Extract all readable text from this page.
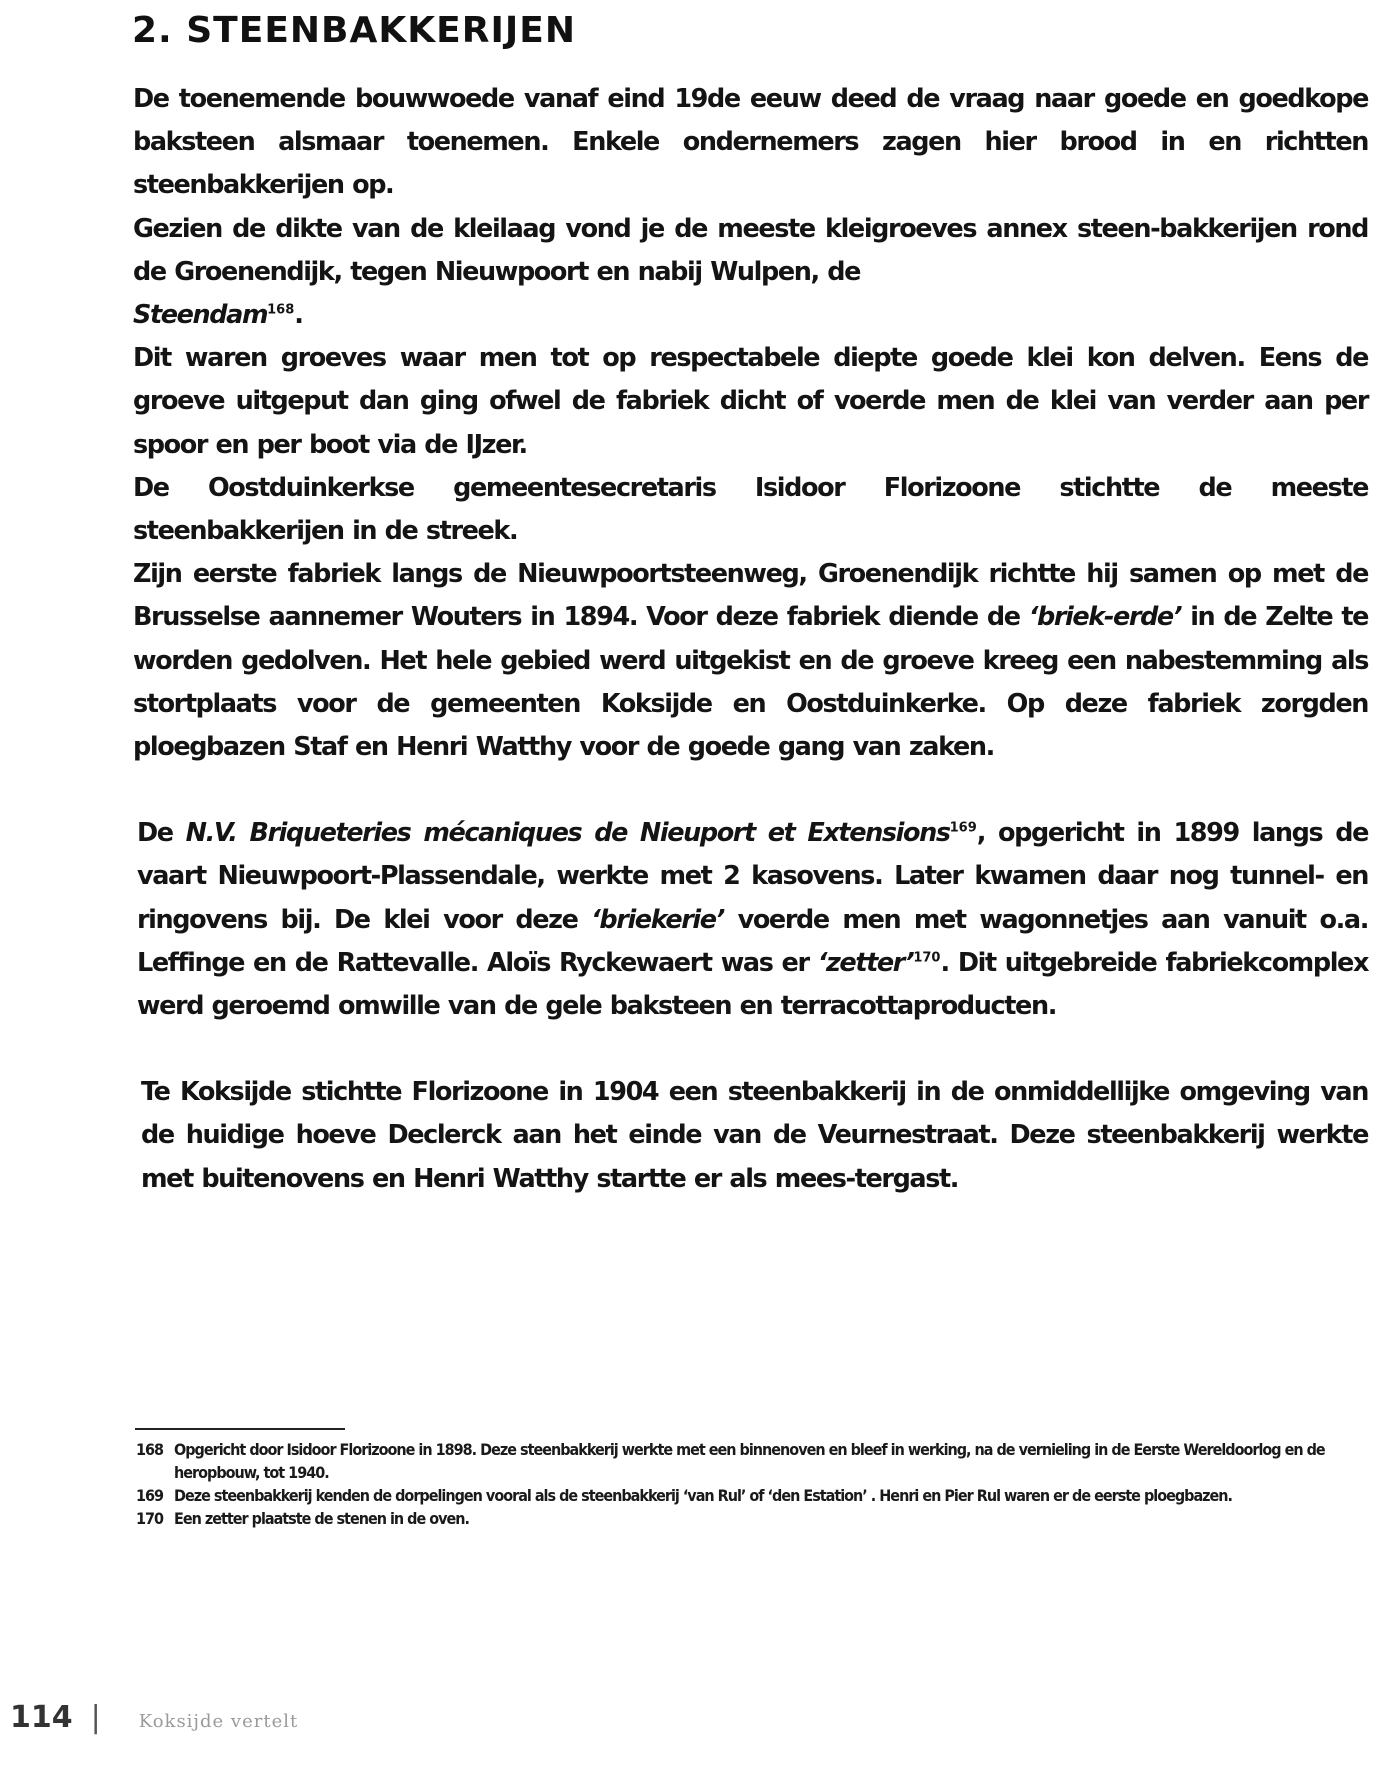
2. STEENBAKKERIJEN

De toenemende bouwwoede vanaf eind 19de eeuw deed de vraag naar goede en goedkope baksteen alsmaar toenemen. Enkele ondernemers zagen hier brood in en richtten steenbakkerijen op.

Gezien de dikte van de kleilaag vond je de meeste kleigroeves annex steen-bakkerijen rond de Groenendijk, tegen Nieuwpoort en nabij Wulpen, de
Steendam$^{168}$.

Dit waren groeves waar men tot op respectabele diepte goede klei kon delven. Eens de groeve uitgeput dan ging ofwel de fabriek dicht of voerde men de klei van verder aan per spoor en per boot via de IJzer.

De Oostduinkerkse gemeentesecretaris Isidoor Florizoone stichtte de meeste steenbakkerijen in de streek.

Zijn eerste fabriek langs de Nieuwpoortsteenweg, Groenendijk richtte hij samen op met de Brusselse aannemer Wouters in 1894. Voor deze fabriek diende de ‘briek-erde’ in de Zelte te worden gedolven. Het hele gebied werd uitgekist en de groeve kreeg een nabestemming als stortplaats voor de gemeenten Koksijde en Oostduinkerke. Op deze fabriek zorgden ploegbazen Staf en Henri Watthy voor de goede gang van zaken.

De N.V. Briqueteries mécaniques de Nieuport et Extensions$^{169}$, opgericht in 1899 langs de vaart Nieuwpoort-Plassendale, werkte met 2 kasovens. Later kwamen daar nog tunnel- en ringovens bij. De klei voor deze ‘briekerie’ voerde men met wagonnetjes aan vanuit o.a. Leffinge en de Rattevalle. Aloïs Ryckewaert was er ‘zetter’$^{170}$. Dit uitgebreide fabriekcomplex werd geroemd omwille van de gele baksteen en terracottaproducten.

Te Koksijde stichtte Florizoone in 1904 een steenbakkerij in de onmiddellijke omgeving van de huidige hoeve Declerck aan het einde van de Veurnestraat. Deze steenbakkerij werkte met buitenovens en Henri Watthy startte er als mees-tergast.

168 Opgericht door Isidoor Florizoone in 1898. Deze steenbakkerij werkte met een binnenoven en bleef in werking, na de vernieling in de Eerste Wereldoorlog en de heropbouw, tot 1940.
169 Deze steenbakkerij kenden de dorpelingen vooral als de steenbakkerij ‘van Rul’ of ‘den Estation’ . Henri en Pier Rul waren er de eerste ploegbazen.
170 Een zetter plaatste de stenen in de oven.
114 | Koksijde vertelt
